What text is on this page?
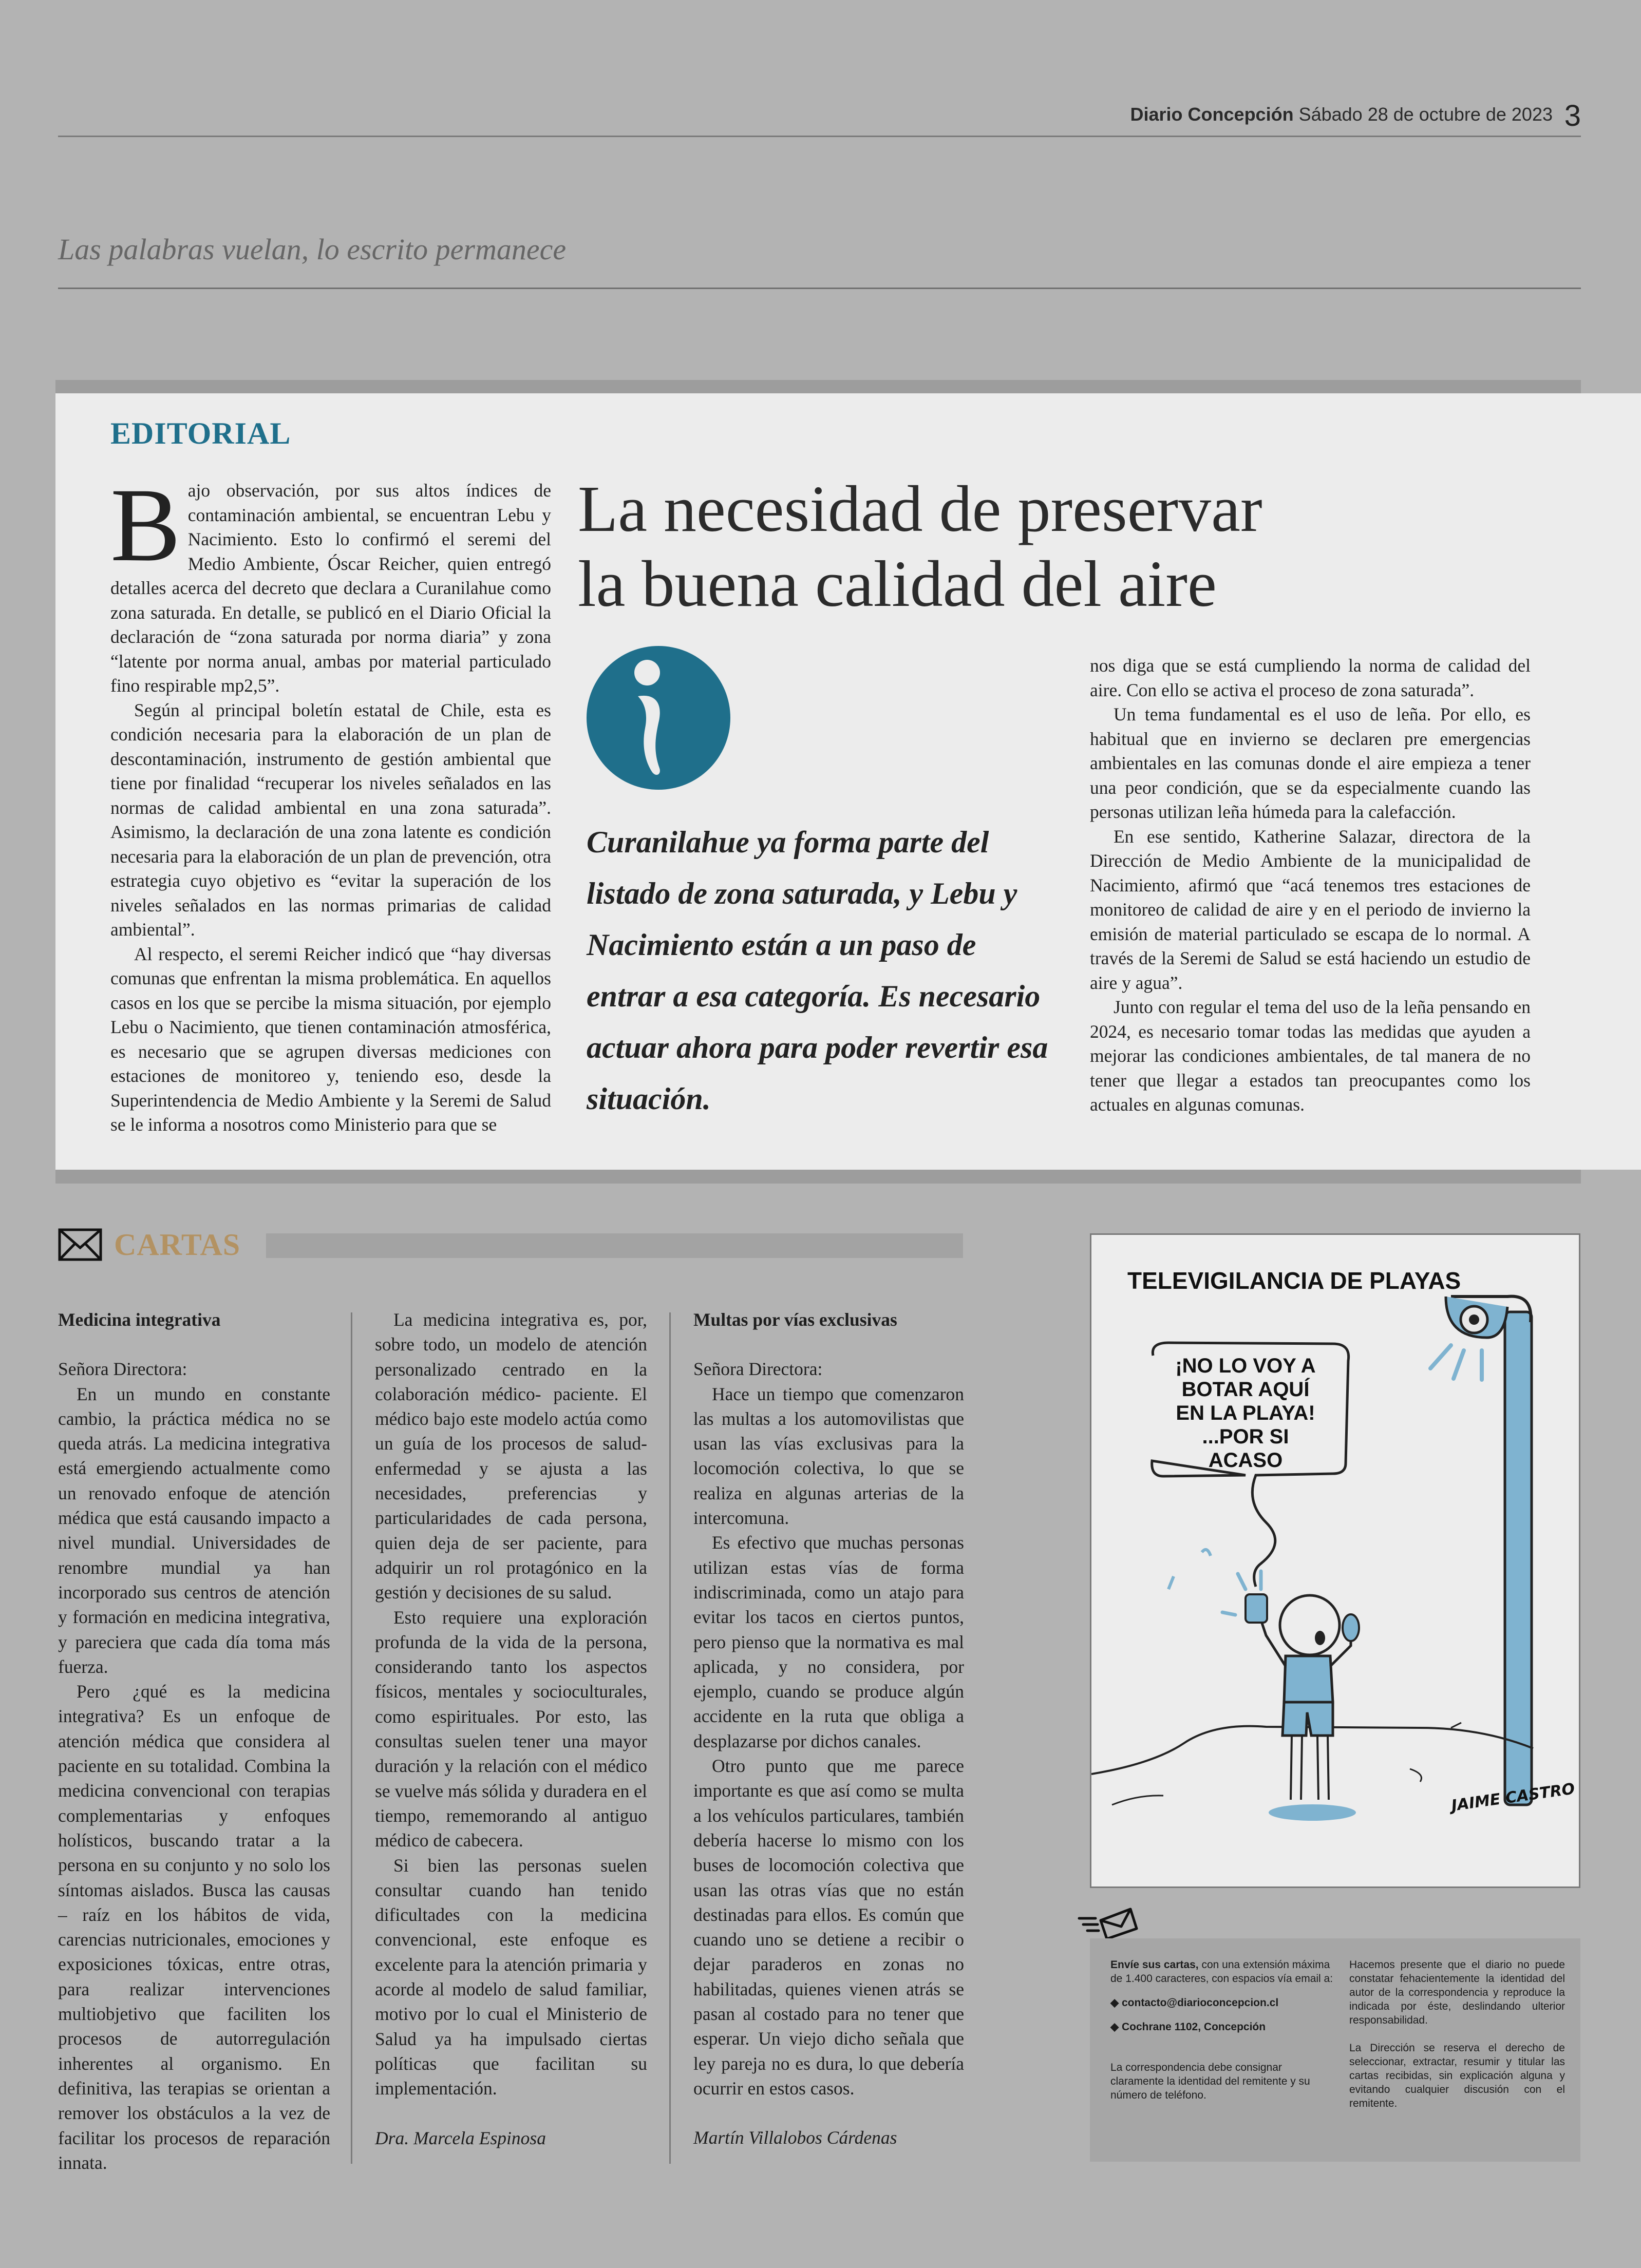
Diario Concepción Sábado 28 de octubre de 2023 3
Las palabras vuelan, lo escrito permanece
EDITORIAL
B ajo observación, por sus altos índices de contaminación ambiental, se encuentran Lebu y Nacimiento. Esto lo confirmó el seremi del Medio Ambiente, Óscar Reicher, quien entregó detalles acerca del decreto que declara a Curanilahue como zona saturada. En detalle, se publicó en el Diario Oficial la declaración de “zona saturada por norma diaria” y zona “latente por norma anual, ambas por material particulado fino respirable mp2,5”.

Según al principal boletín estatal de Chile, esta es condición necesaria para la elaboración de un plan de descontaminación, instrumento de gestión ambiental que tiene por finalidad “recuperar los niveles señalados en las normas de calidad ambiental en una zona saturada”. Asimismo, la declaración de una zona latente es condición necesaria para la elaboración de un plan de prevención, otra estrategia cuyo objetivo es “evitar la superación de los niveles señalados en las normas primarias de calidad ambiental”.

Al respecto, el seremi Reicher indicó que “hay diversas comunas que enfrentan la misma problemática. En aquellos casos en los que se percibe la misma situación, por ejemplo Lebu o Nacimiento, que tienen contaminación atmosférica, es necesario que se agrupen diversas mediciones con estaciones de monitoreo y, teniendo eso, desde la Superintendencia de Medio Ambiente y la Seremi de Salud se le informa a nosotros como Ministerio para que se

La necesidad de preservar
la buena calidad del aire
Curanilahue ya forma parte del listado de zona saturada, y Lebu y Nacimiento están a un paso de entrar a esa categoría. Es necesario actuar ahora para poder revertir esa situación.

nos diga que se está cumpliendo la norma de calidad del aire. Con ello se activa el proceso de zona saturada”.

Un tema fundamental es el uso de leña. Por ello, es habitual que en invierno se declaren pre emergencias ambientales en las comunas donde el aire empieza a tener una peor condición, que se da especialmente cuando las personas utilizan leña húmeda para la calefacción.

En ese sentido, Katherine Salazar, directora de la Dirección de Medio Ambiente de la municipalidad de Nacimiento, afirmó que “acá tenemos tres estaciones de monitoreo de calidad de aire y en el periodo de invierno la emisión de material particulado se escapa de lo normal. A través de la Seremi de Salud se está haciendo un estudio de aire y agua”.

Junto con regular el tema del uso de la leña pensando en 2024, es necesario tomar todas las medidas que ayuden a mejorar las condiciones ambientales, de tal manera de no tener que llegar a estados tan preocupantes como los actuales en algunas comunas.

CARTAS

Medicina integrativa

Señora Directora:

En un mundo en constante cambio, la práctica médica no se queda atrás. La medicina integrativa está emergiendo actualmente como un renovado enfoque de atención médica que está causando impacto a nivel mundial. Universidades de renombre mundial ya han incorporado sus centros de atención y formación en medicina integrativa, y pareciera que cada día toma más fuerza.

Pero ¿qué es la medicina integrativa? Es un enfoque de atención médica que considera al paciente en su totalidad. Combina la medicina convencional con terapias complementarias y enfoques holísticos, buscando tratar a la persona en su conjunto y no solo los síntomas aislados. Busca las causas – raíz en los hábitos de vida, carencias nutricionales, emociones y exposiciones tóxicas, entre otras, para realizar intervenciones multiobjetivo que faciliten los procesos de autorregulación inherentes al organismo. En definitiva, las terapias se orientan a remover los obstáculos a la vez de facilitar los procesos de reparación innata.

La medicina integrativa es, por, sobre todo, un modelo de atención personalizado centrado en la colaboración médico- paciente. El médico bajo este modelo actúa como un guía de los procesos de salud-enfermedad y se ajusta a las necesidades, preferencias y particularidades de cada persona, quien deja de ser paciente, para adquirir un rol protagónico en la gestión y decisiones de su salud.

Esto requiere una exploración profunda de la vida de la persona, considerando tanto los aspectos físicos, mentales y socioculturales, como espirituales. Por esto, las consultas suelen tener una mayor duración y la relación con el médico se vuelve más sólida y duradera en el tiempo, rememorando al antiguo médico de cabecera.

Si bien las personas suelen consultar cuando han tenido dificultades con la medicina convencional, este enfoque es excelente para la atención primaria y acorde al modelo de salud familiar, motivo por lo cual el Ministerio de Salud ya ha impulsado ciertas políticas que facilitan su implementación.

Dra. Marcela Espinosa

Multas por vías exclusivas

Señora Directora:

Hace un tiempo que comenzaron las multas a los automovilistas que usan las vías exclusivas para la locomoción colectiva, lo que se realiza en algunas arterias de la intercomuna.

Es efectivo que muchas personas utilizan estas vías de forma indiscriminada, como un atajo para evitar los tacos en ciertos puntos, pero pienso que la normativa es mal aplicada, y no considera, por ejemplo, cuando se produce algún accidente en la ruta que obliga a desplazarse por dichos canales.

Otro punto que me parece importante es que así como se multa a los vehículos particulares, también debería hacerse lo mismo con los buses de locomoción colectiva que usan las otras vías que no están destinadas para ellos. Es común que cuando uno se detiene a recibir o dejar paraderos en zonas no habilitadas, quienes vienen atrás se pasan al costado para no tener que esperar. Un viejo dicho señala que ley pareja no es dura, lo que debería ocurrir en estos casos.

Martín Villalobos Cárdenas

TELEVIGILANCIA DE PLAYAS
¡NO LO VOY A BOTAR AQUÍ EN LA PLAYA! ...POR SI ACASO
JAIME CASTRO

Envíe sus cartas, con una extensión máxima de 1.400 caracteres, con espacios vía email a:

◆ contacto@diarioconcepcion.cl

◆ Cochrane 1102, Concepción

La correspondencia debe consignar claramente la identidad del remitente y su número de teléfono.

Hacemos presente que el diario no puede constatar fehacientemente la identidad del autor de la correspondencia y reproduce la indicada por éste, deslindando ulterior responsabilidad.

La Dirección se reserva el derecho de seleccionar, extractar, resumir y titular las cartas recibidas, sin explicación alguna y evitando cualquier discusión con el remitente.
